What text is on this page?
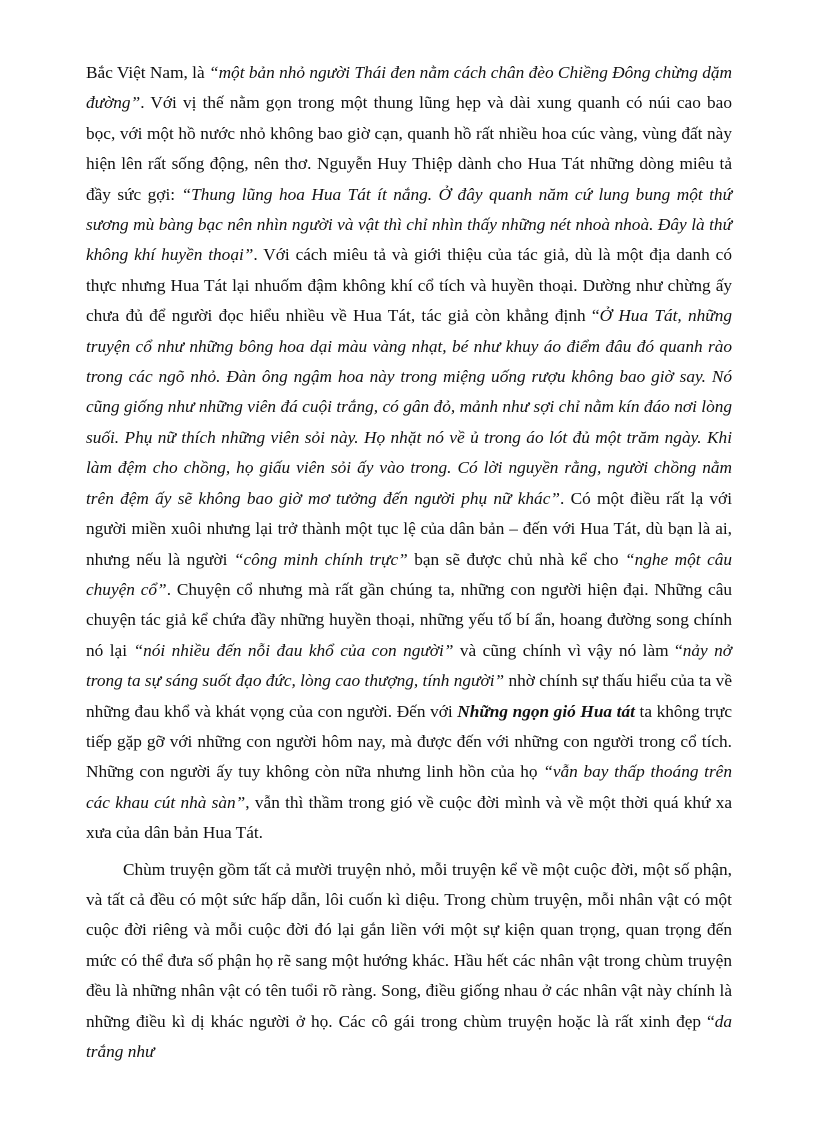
Bắc Việt Nam, là “một bản nhỏ người Thái đen nằm cách chân đèo Chiềng Đông chừng dặm đường”. Với vị thế nằm gọn trong một thung lũng hẹp và dài xung quanh có núi cao bao bọc, với một hồ nước nhỏ không bao giờ cạn, quanh hồ rất nhiều hoa cúc vàng, vùng đất này hiện lên rất sống động, nên thơ. Nguyễn Huy Thiệp dành cho Hua Tát những dòng miêu tả đầy sức gợi: “Thung lũng hoa Hua Tát ít nắng. Ở đây quanh năm cứ lung bung một thứ sương mù bàng bạc nên nhìn người và vật thì chỉ nhìn thấy những nét nhoà nhoà. Đây là thứ không khí huyền thoại”. Với cách miêu tả và giới thiệu của tác giả, dù là một địa danh có thực nhưng Hua Tát lại nhuốm đậm không khí cổ tích và huyền thoại. Dường như chừng ấy chưa đủ để người đọc hiểu nhiều về Hua Tát, tác giả còn khẳng định “Ở Hua Tát, những truyện cổ như những bông hoa dại màu vàng nhạt, bé như khuy áo điểm đâu đó quanh rào trong các ngõ nhỏ. Đàn ông ngậm hoa này trong miệng uống rượu không bao giờ say. Nó cũng giống như những viên đá cuội trắng, có gân đỏ, mảnh như sợi chỉ nằm kín đáo nơi lòng suối. Phụ nữ thích những viên sỏi này. Họ nhặt nó về ủ trong áo lót đủ một trăm ngày. Khi làm đệm cho chồng, họ giấu viên sỏi ấy vào trong. Có lời nguyền rằng, người chồng nằm trên đệm ấy sẽ không bao giờ mơ tưởng đến người phụ nữ khác”. Có một điều rất lạ với người miền xuôi nhưng lại trở thành một tục lệ của dân bản – đến với Hua Tát, dù bạn là ai, nhưng nếu là người “công minh chính trực” bạn sẽ được chủ nhà kể cho “nghe một câu chuyện cổ”. Chuyện cổ nhưng mà rất gần chúng ta, những con người hiện đại. Những câu chuyện tác giả kể chứa đầy những huyền thoại, những yếu tố bí ẩn, hoang đường song chính nó lại “nói nhiều đến nỗi đau khổ của con người” và cũng chính vì vậy nó làm “nảy nở trong ta sự sáng suốt đạo đức, lòng cao thượng, tính người” nhờ chính sự thấu hiểu của ta về những đau khổ và khát vọng của con người. Đến với Những ngọn gió Hua tát ta không trực tiếp gặp gỡ với những con người hôm nay, mà được đến với những con người trong cổ tích. Những con người ấy tuy không còn nữa nhưng linh hồn của họ “vẫn bay thấp thoáng trên các khau cút nhà sàn”, vẫn thì thầm trong gió về cuộc đời mình và về một thời quá khứ xa xưa của dân bản Hua Tát.

Chùm truyện gồm tất cả mười truyện nhỏ, mỗi truyện kể về một cuộc đời, một số phận, và tất cả đều có một sức hấp dẫn, lôi cuốn kì diệu. Trong chùm truyện, mỗi nhân vật có một cuộc đời riêng và mỗi cuộc đời đó lại gắn liền với một sự kiện quan trọng, quan trọng đến mức có thể đưa số phận họ rẽ sang một hướng khác. Hầu hết các nhân vật trong chùm truyện đều là những nhân vật có tên tuổi rõ ràng. Song, điều giống nhau ở các nhân vật này chính là những điều kì dị khác người ở họ. Các cô gái trong chùm truyện hoặc là rất xinh đẹp “da trắng như
